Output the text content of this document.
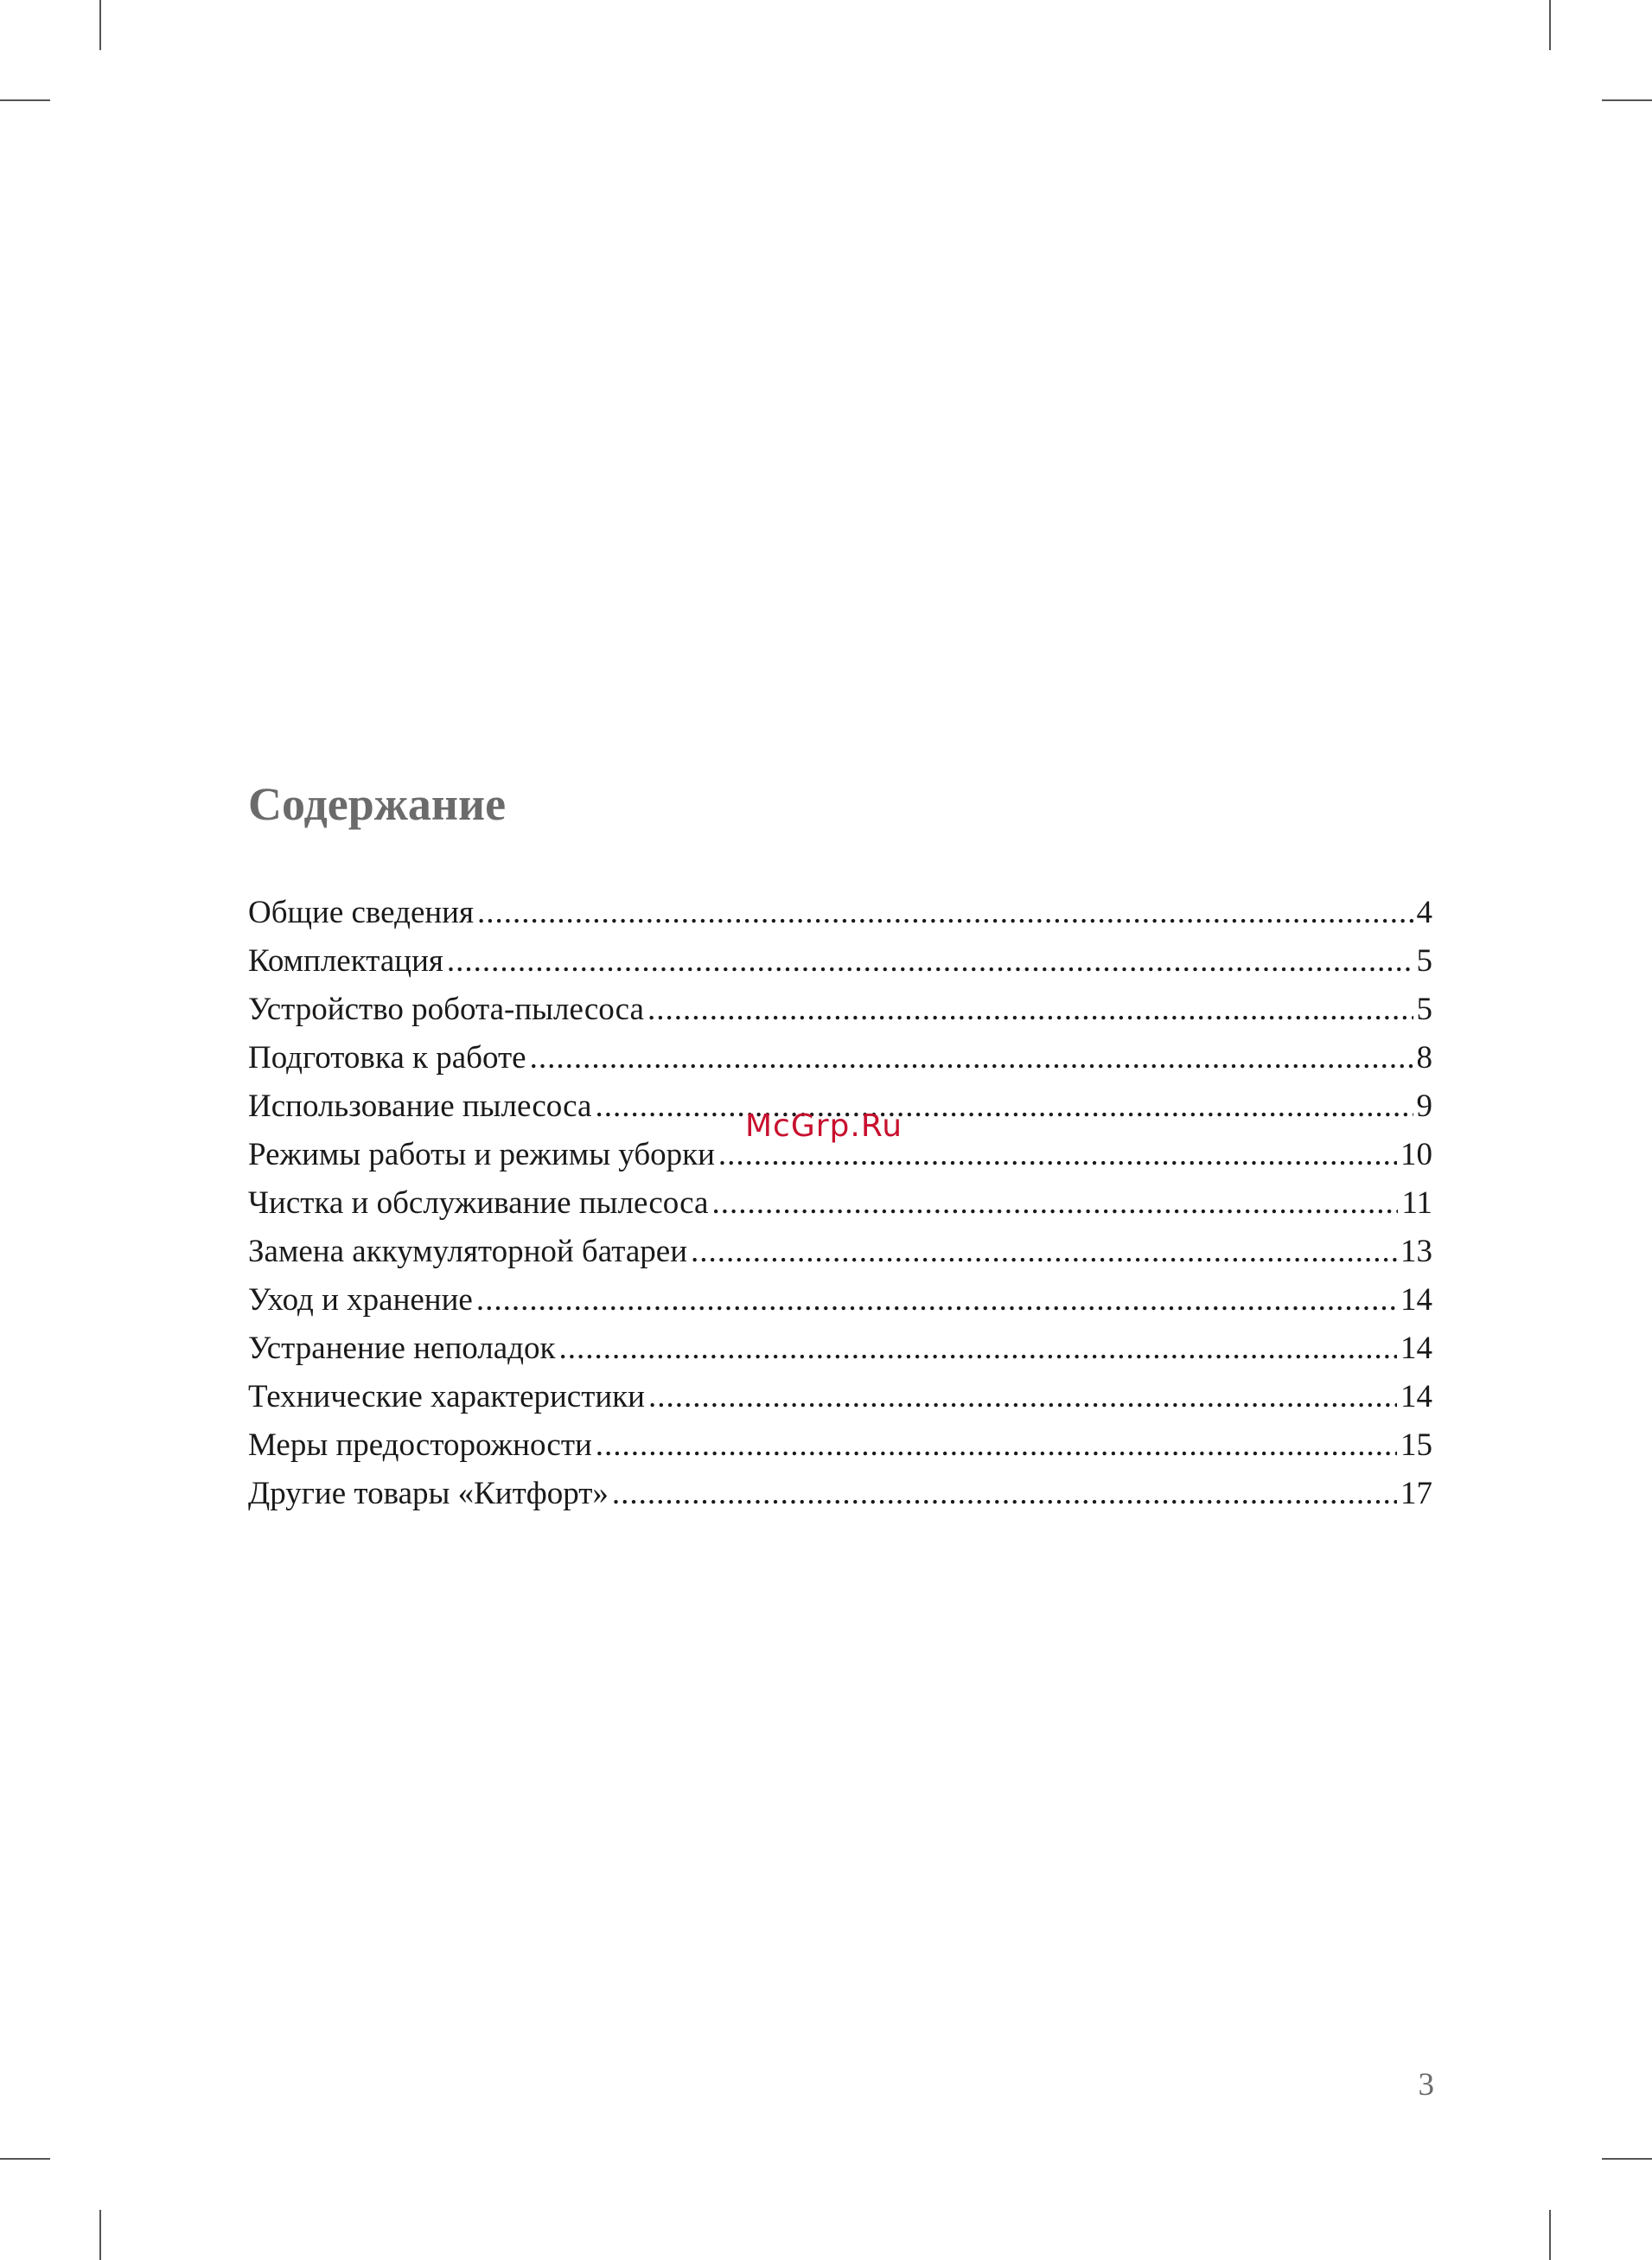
Содержание
Общие сведения .....	4
Комплектация .....	5
Устройство робота-пылесоса .....	5
Подготовка к работе .....	8
Использование пылесоса .....	9
Режимы работы и режимы уборки .....	10
Чистка и обслуживание пылесоса .....	11
Замена аккумуляторной батареи .....	13
Уход и хранение .....	14
Устранение неполадок .....	14
Технические характеристики .....	14
Меры предосторожности .....	15
Другие товары «Китфорт» .....	17
McGrp.Ru
3
